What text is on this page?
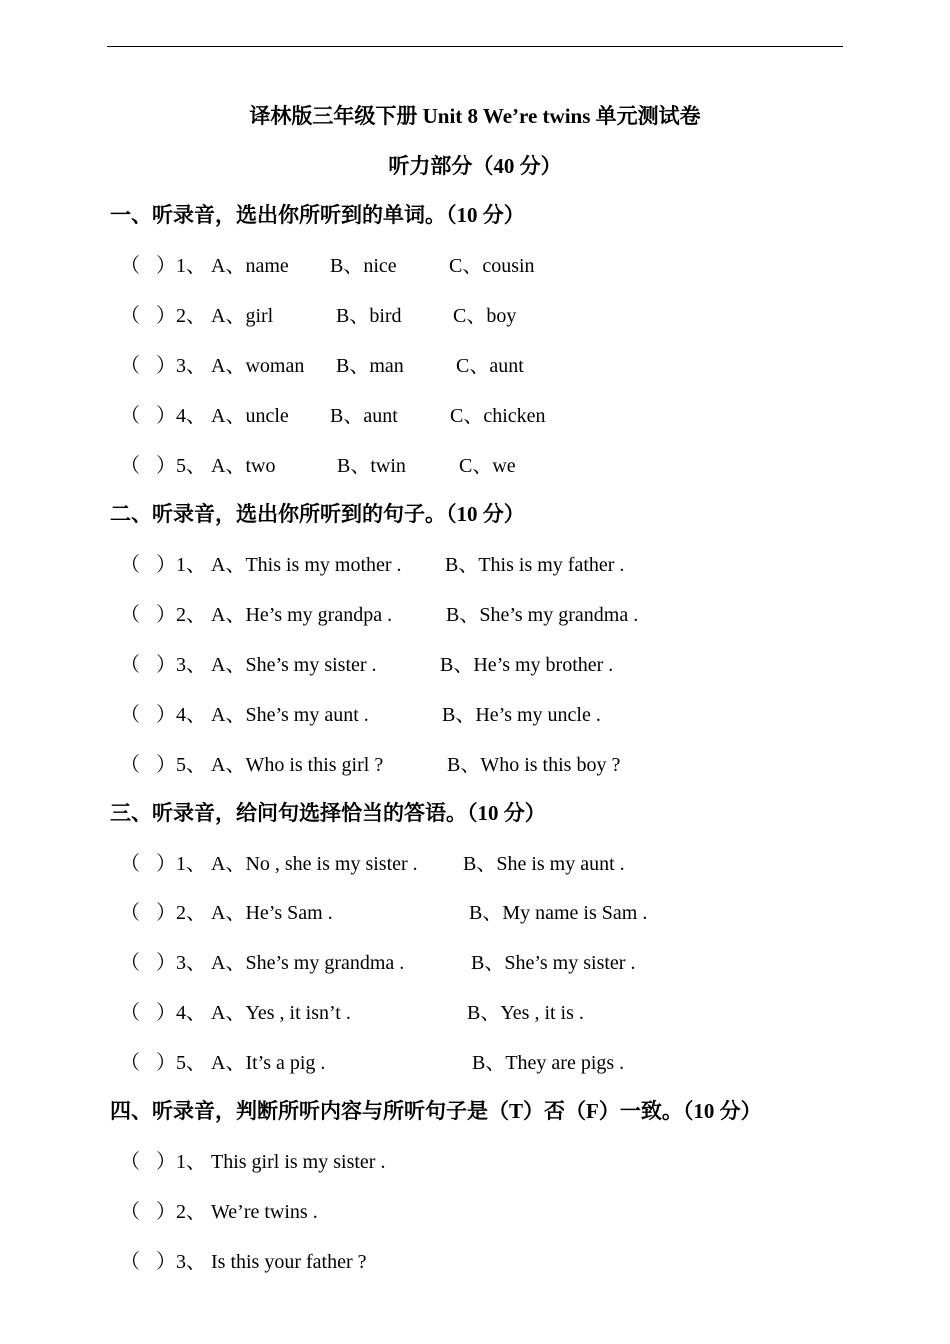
译林版三年级下册 Unit 8 We’re twins 单元测试卷
听力部分（40 分）
一、听录音，选出你所听到的单词。（10 分）
（ ）1、 A、name B、nice	C、cousin
（ ）2、 A、girl	B、bird	C、boy
（ ）3、 A、woman B、man	C、aunt
（ ）4、 A、uncle B、aunt	C、chicken
（ ）5、 A、two	B、twin	C、we
二、听录音，选出你所听到的句子。（10 分）
（ ）1、 A、This is my mother . B、This is my father .
（ ）2、 A、He’s my grandpa .	B、She’s my grandma .
（ ）3、 A、She’s my sister .	B、He’s my brother .
（ ）4、 A、She’s my aunt .	B、He’s my uncle .
（ ）5、 A、Who is this girl ?	B、Who is this boy ?
三、听录音，给问句选择恰当的答语。（10 分）
（ ）1、 A、No , she is my sister . B、She is my aunt .
（ ）2、 A、He’s Sam .	B、My name is Sam .
（ ）3、 A、She’s my grandma .	B、She’s my sister .
（ ）4、 A、Yes , it isn’t .	B、Yes , it is .
（ ）5、 A、It’s a pig .	B、They are pigs .
四、听录音，判断所听内容与所听句子是（T）否（F）一致。（10 分）
（ ）1、 This girl is my sister .
（ ）2、 We’re twins .
（ ）3、 Is this your father ?
